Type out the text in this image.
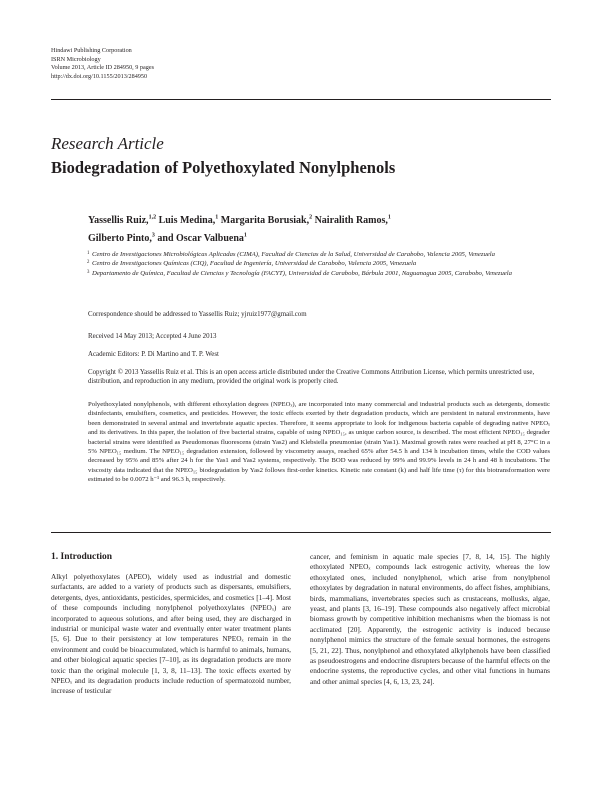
Hindawi Publishing Corporation
ISRN Microbiology
Volume 2013, Article ID 284950, 9 pages
http://dx.doi.org/10.1155/2013/284950
Research Article
Biodegradation of Polyethoxylated Nonylphenols
Yassellis Ruiz,$^{1,2}$ Luis Medina,$^1$ Margarita Borusiak,$^2$ Nairalith Ramos,$^1$
Gilberto Pinto,$^3$ and Oscar Valbuena$^1$
1 Centro de Investigaciones Microbiológicas Aplicadas (CIMA), Facultad de Ciencias de la Salud, Universidad de Carabobo, Valencia 2005, Venezuela
2 Centro de Investigaciones Químicas (CIQ), Facultad de Ingeniería, Universidad de Carabobo, Valencia 2005, Venezuela
3 Departamento de Química, Facultad de Ciencias y Tecnología (FACYT), Universidad de Carabobo, Bárbula 2001, Naguanagua 2005, Carabobo, Venezuela
Correspondence should be addressed to Yassellis Ruiz; yjruiz1977@gmail.com
Received 14 May 2013; Accepted 4 June 2013
Academic Editors: P. Di Martino and T. P. West
Copyright © 2013 Yassellis Ruiz et al. This is an open access article distributed under the Creative Commons Attribution License, which permits unrestricted use, distribution, and reproduction in any medium, provided the original work is properly cited.
Polyethoxylated nonylphenols, with different ethoxylation degrees (NPEOₓ), are incorporated into many commercial and industrial products such as detergents, domestic disinfectants, emulsifiers, cosmetics, and pesticides. However, the toxic effects exerted by their degradation products, which are persistent in natural environments, have been demonstrated in several animal and invertebrate aquatic species. Therefore, it seems appropriate to look for indigenous bacteria capable of degrading native NPEOₓ and its derivatives. In this paper, the isolation of five bacterial strains, capable of using NPEO₁₅, as unique carbon source, is described. The most efficient NPEO₁₅ degrader bacterial strains were identified as Pseudomonas fluorescens (strain Yas2) and Klebsiella pneumoniae (strain Yas1). Maximal growth rates were reached at pH 8, 27°C in a 5% NPEO₁₅ medium. The NPEO₁₅ degradation extension, followed by viscometry assays, reached 65% after 54.5 h and 134 h incubation times, while the COD values decreased by 95% and 85% after 24 h for the Yas1 and Yas2 systems, respectively. The BOD was reduced by 99% and 99.9% levels in 24 h and 48 h incubations. The viscosity data indicated that the NPEO₁₅ biodegradation by Yas2 follows first-order kinetics. Kinetic rate constant (k) and half life time (τ) for this biotransformation were estimated to be 0.0072 h⁻¹ and 96.3 h, respectively.
1. Introduction

Alkyl polyethoxylates (APEO), widely used as industrial and domestic surfactants, are added to a variety of products such as dispersants, emulsifiers, detergents, dyes, antioxidants, pesticides, spermicides, and cosmetics [1–4]. Most of these compounds including nonylphenol polyethoxylates (NPEOₓ) are incorporated to aqueous solutions, and after being used, they are discharged in industrial or municipal waste water and eventually enter water treatment plants [5, 6]. Due to their persistency at low temperatures NPEOₓ remain in the environment and could be bioaccumulated, which is harmful to animals, humans, and other biological aquatic species [7–10], as its degradation products are more toxic than the original molecule [1, 3, 8, 11–13]. The toxic effects exerted by NPEOₓ and its degradation products include reduction of spermatozoid number, increase of testicular

cancer, and feminism in aquatic male species [7, 8, 14, 15]. The highly ethoxylated NPEOₓ compounds lack estrogenic activity, whereas the low ethoxylated ones, included nonylphenol, which arise from nonylphenol ethoxylates by degradation in natural environments, do affect fishes, amphibians, birds, mammalians, invertebrates species such as crustaceans, mollusks, algae, yeast, and plants [3, 16–19]. These compounds also negatively affect microbial biomass growth by competitive inhibition mechanisms when the biomass is not acclimated [20]. Apparently, the estrogenic activity is induced because nonylphenol mimics the structure of the female sexual hormones, the estrogens [5, 21, 22]. Thus, nonylphenol and ethoxylated alkylphenols have been classified as pseudoestrogens and endocrine disrupters because of the harmful effects on the endocrine systems, the reproductive cycles, and other vital functions in humans and other animal species [4, 6, 13, 23, 24].
